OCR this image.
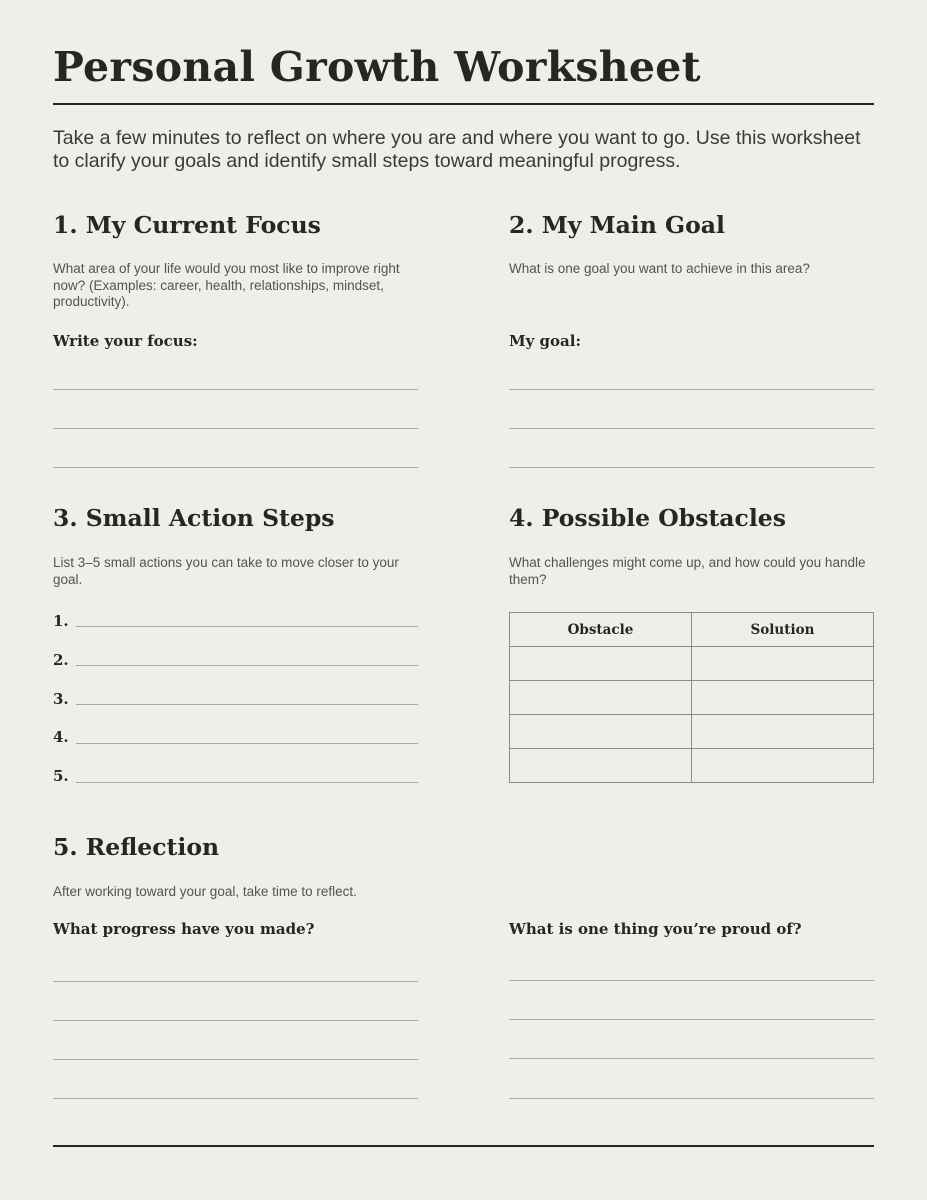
Personal Growth Worksheet
Take a few minutes to reflect on where you are and where you want to go. Use this worksheet to clarify your goals and identify small steps toward meaningful progress.
1. My Current Focus
What area of your life would you most like to improve right now? (Examples: career, health, relationships, mindset, productivity).
Write your focus:
2. My Main Goal
What is one goal you want to achieve in this area?
My goal:
3. Small Action Steps
List 3–5 small actions you can take to move closer to your goal.
1.
2.
3.
4.
5.
4. Possible Obstacles
What challenges might come up, and how could you handle them?
Obstacle	Solution

5. Reflection
After working toward your goal, take time to reflect.
What progress have you made?	What is one thing you’re proud of?
